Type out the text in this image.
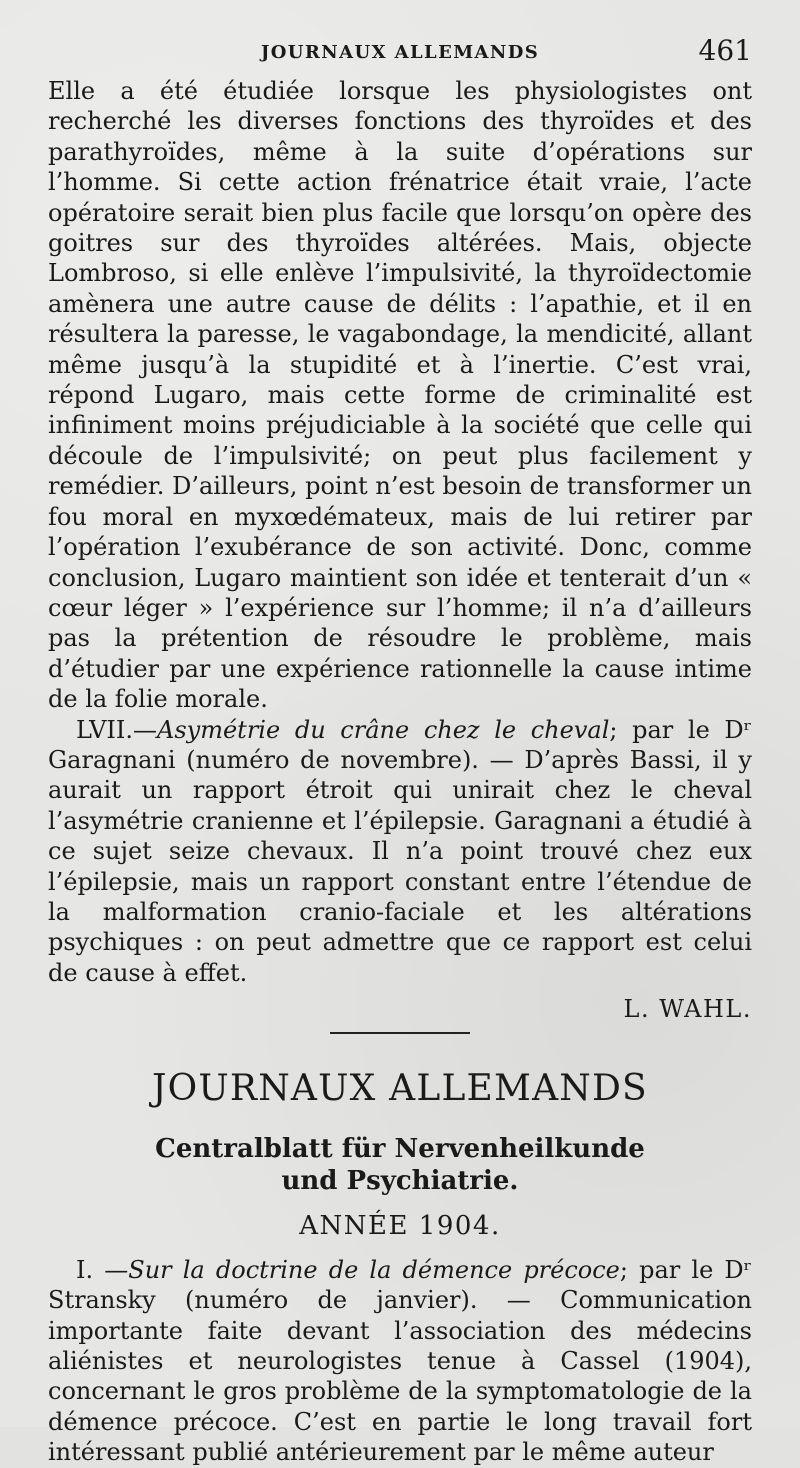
JOURNAUX ALLEMANDS	461

Elle a été étudiée lorsque les physiologistes ont recherché les diverses fonctions des thyroïdes et des parathyroïdes, même à la suite d’opérations sur l’homme. Si cette action frénatrice était vraie, l’acte opératoire serait bien plus facile que lorsqu’on opère des goitres sur des thyroïdes altérées. Mais, objecte Lombroso, si elle enlève l’impulsivité, la thyroïdectomie amènera une autre cause de délits : l’apathie, et il en résultera la paresse, le vagabondage, la mendicité, allant même jusqu’à la stupidité et à l’inertie. C’est vrai, répond Lugaro, mais cette forme de criminalité est infiniment moins préjudiciable à la société que celle qui découle de l’impulsivité; on peut plus facilement y remédier. D’ailleurs, point n’est besoin de transformer un fou moral en myxœdémateux, mais de lui retirer par l’opération l’exubérance de son activité. Donc, comme conclusion, Lugaro maintient son idée et tenterait d’un « cœur léger » l’expérience sur l’homme; il n’a d’ailleurs pas la prétention de résoudre le problème, mais d’étudier par une expérience rationnelle la cause intime de la folie morale.

LVII.—Asymétrie du crâne chez le cheval; par le Dʳ Garagnani (numéro de novembre). — D’après Bassi, il y aurait un rapport étroit qui unirait chez le cheval l’asymétrie cranienne et l’épilepsie. Garagnani a étudié à ce sujet seize chevaux. Il n’a point trouvé chez eux l’épilepsie, mais un rapport constant entre l’étendue de la malformation cranio-faciale et les altérations psychiques : on peut admettre que ce rapport est celui de cause à effet.

L. WAHL.
JOURNAUX ALLEMANDS
Centralblatt für Nervenheilkunde
und Psychiatrie.
ANNÉE 1904.

I. —Sur la doctrine de la démence précoce; par le Dʳ Stransky (numéro de janvier). — Communication importante faite devant l’association des médecins aliénistes et neurologistes tenue à Cassel (1904), concernant le gros problème de la symptomatologie de la démence précoce. C’est en partie le long travail fort intéressant publié antérieurement par le même auteur
